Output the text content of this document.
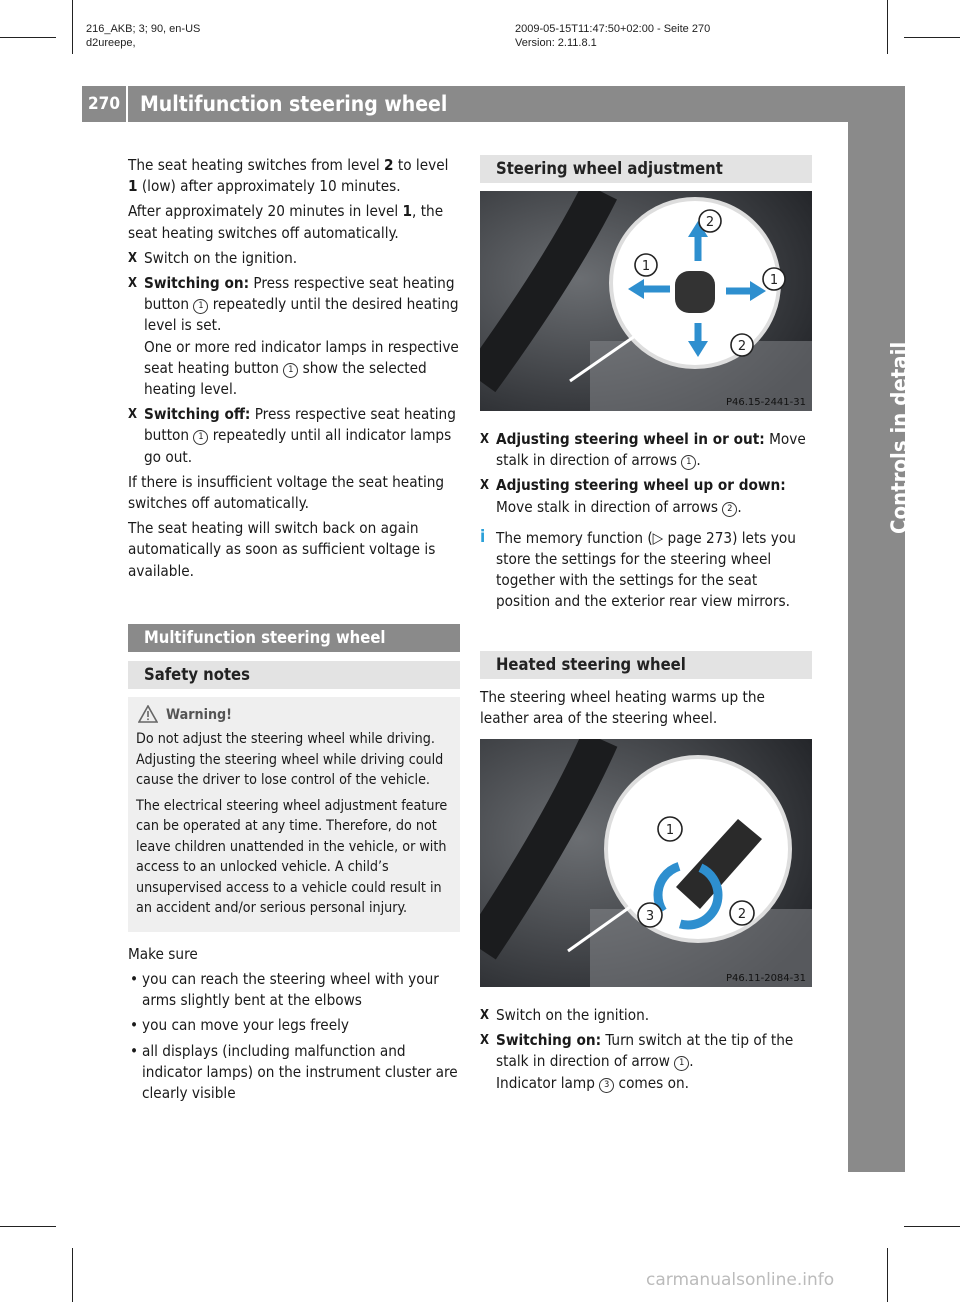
216_AKB; 3; 90, en-US
d2ureepe,
2009-05-15T11:47:50+02:00 - Seite 270
Version: 2.11.8.1
270 Multifunction steering wheel
Controls in detail

The seat heating switches from level 2 to level 1 (low) after approximately 10 minutes.

After approximately 20 minutes in level 1, the seat heating switches off automatically.

X Switch on the ignition.
X Switching on: Press respective seat heating button 1 repeatedly until the desired heating level is set.
One or more red indicator lamps in respective seat heating button 1 show the selected heating level.
X Switching off: Press respective seat heating button 1 repeatedly until all indicator lamps go out.

If there is insufficient voltage the seat heating switches off automatically.

The seat heating will switch back on again automatically as soon as sufficient voltage is available.

Multifunction steering wheel
Safety notes
Warning!

Do not adjust the steering wheel while driving. Adjusting the steering wheel while driving could cause the driver to lose control of the vehicle.

The electrical steering wheel adjustment feature can be operated at any time. Therefore, do not leave children unattended in the vehicle, or with access to an unlocked vehicle. A child’s unsupervised access to a vehicle could result in an accident and/or serious personal injury.

Make sure

• you can reach the steering wheel with your arms slightly bent at the elbows
• you can move your legs freely
• all displays (including malfunction and indicator lamps) on the instrument cluster are clearly visible
Steering wheel adjustment
2
1
1
2
P46.15-2441-31
X Adjusting steering wheel in or out: Move stalk in direction of arrows 1 .
X Adjusting steering wheel up or down:
Move stalk in direction of arrows 2 .
i The memory function (▷ page 273) lets you store the settings for the steering wheel together with the settings for the seat position and the exterior rear view mirrors.
Heated steering wheel

The steering wheel heating warms up the leather area of the steering wheel.

1
2
3
P46.11-2084-31
X Switch on the ignition.
X Switching on: Turn switch at the tip of the stalk in direction of arrow 1 .
Indicator lamp 3 comes on.
carmanualsonline.info
